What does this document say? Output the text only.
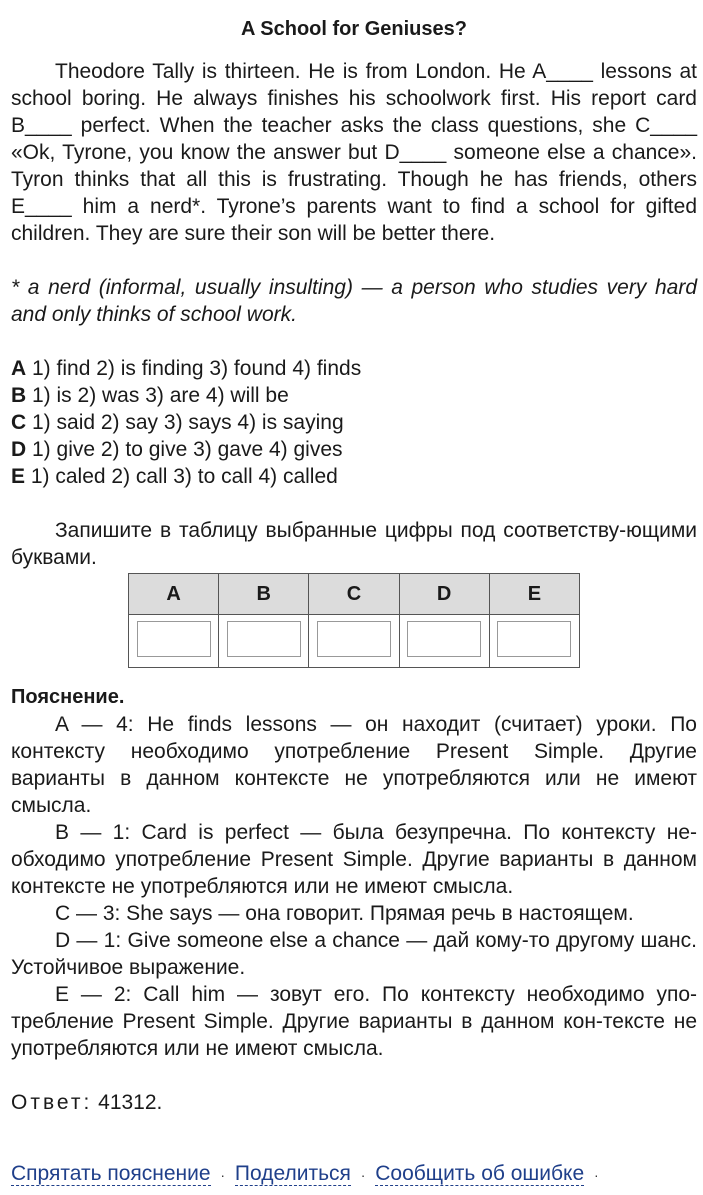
A School for Geniuses?

Theodore Tally is thirteen. He is from London. He A____ lessons at school boring. He always finishes his schoolwork first. His report card B____ perfect. When the teacher asks the class questions, she C____ «Ok, Tyrone, you know the answer but D____ someone else a chance». Tyron thinks that all this is frustrating. Though he has friends, others E____ him a nerd*. Tyrone’s parents want to find a school for gifted children. They are sure their son will be better there.

* a nerd (informal, usually insulting) — a person who studies very hard and only thinks of school work.

A 1) find 2) is finding 3) found 4) finds
B 1) is 2) was 3) are 4) will be
C 1) said 2) say 3) says 4) is saying
D 1) give 2) to give 3) gave 4) gives
E 1) caled 2) call 3) to call 4) called

Запишите в таблицу выбранные цифры под соответству-ющими буквами.

A	B	C	D	E

Пояснение.

A — 4: He finds lessons — он находит (считает) уроки. По контексту необходимо употребление Present Simple. Другие варианты в данном контексте не употребляются или не имеют смысла.

B — 1: Card is perfect — была безупречна. По контексту не-обходимо употребление Present Simple. Другие варианты в данном контексте не употребляются или не имеют смысла.

C — 3: She says — она говорит. Прямая речь в настоящем.

D — 1: Give someone else a chance — дай кому-то другому шанс. Устойчивое выражение.

E — 2: Call him — зовут его. По контексту необходимо упо-требление Present Simple. Другие варианты в данном кон-тексте не употребляются или не имеют смысла.

Ответ: 41312.
Спрятать пояснение · Поделиться · Сообщить об ошибке ·
